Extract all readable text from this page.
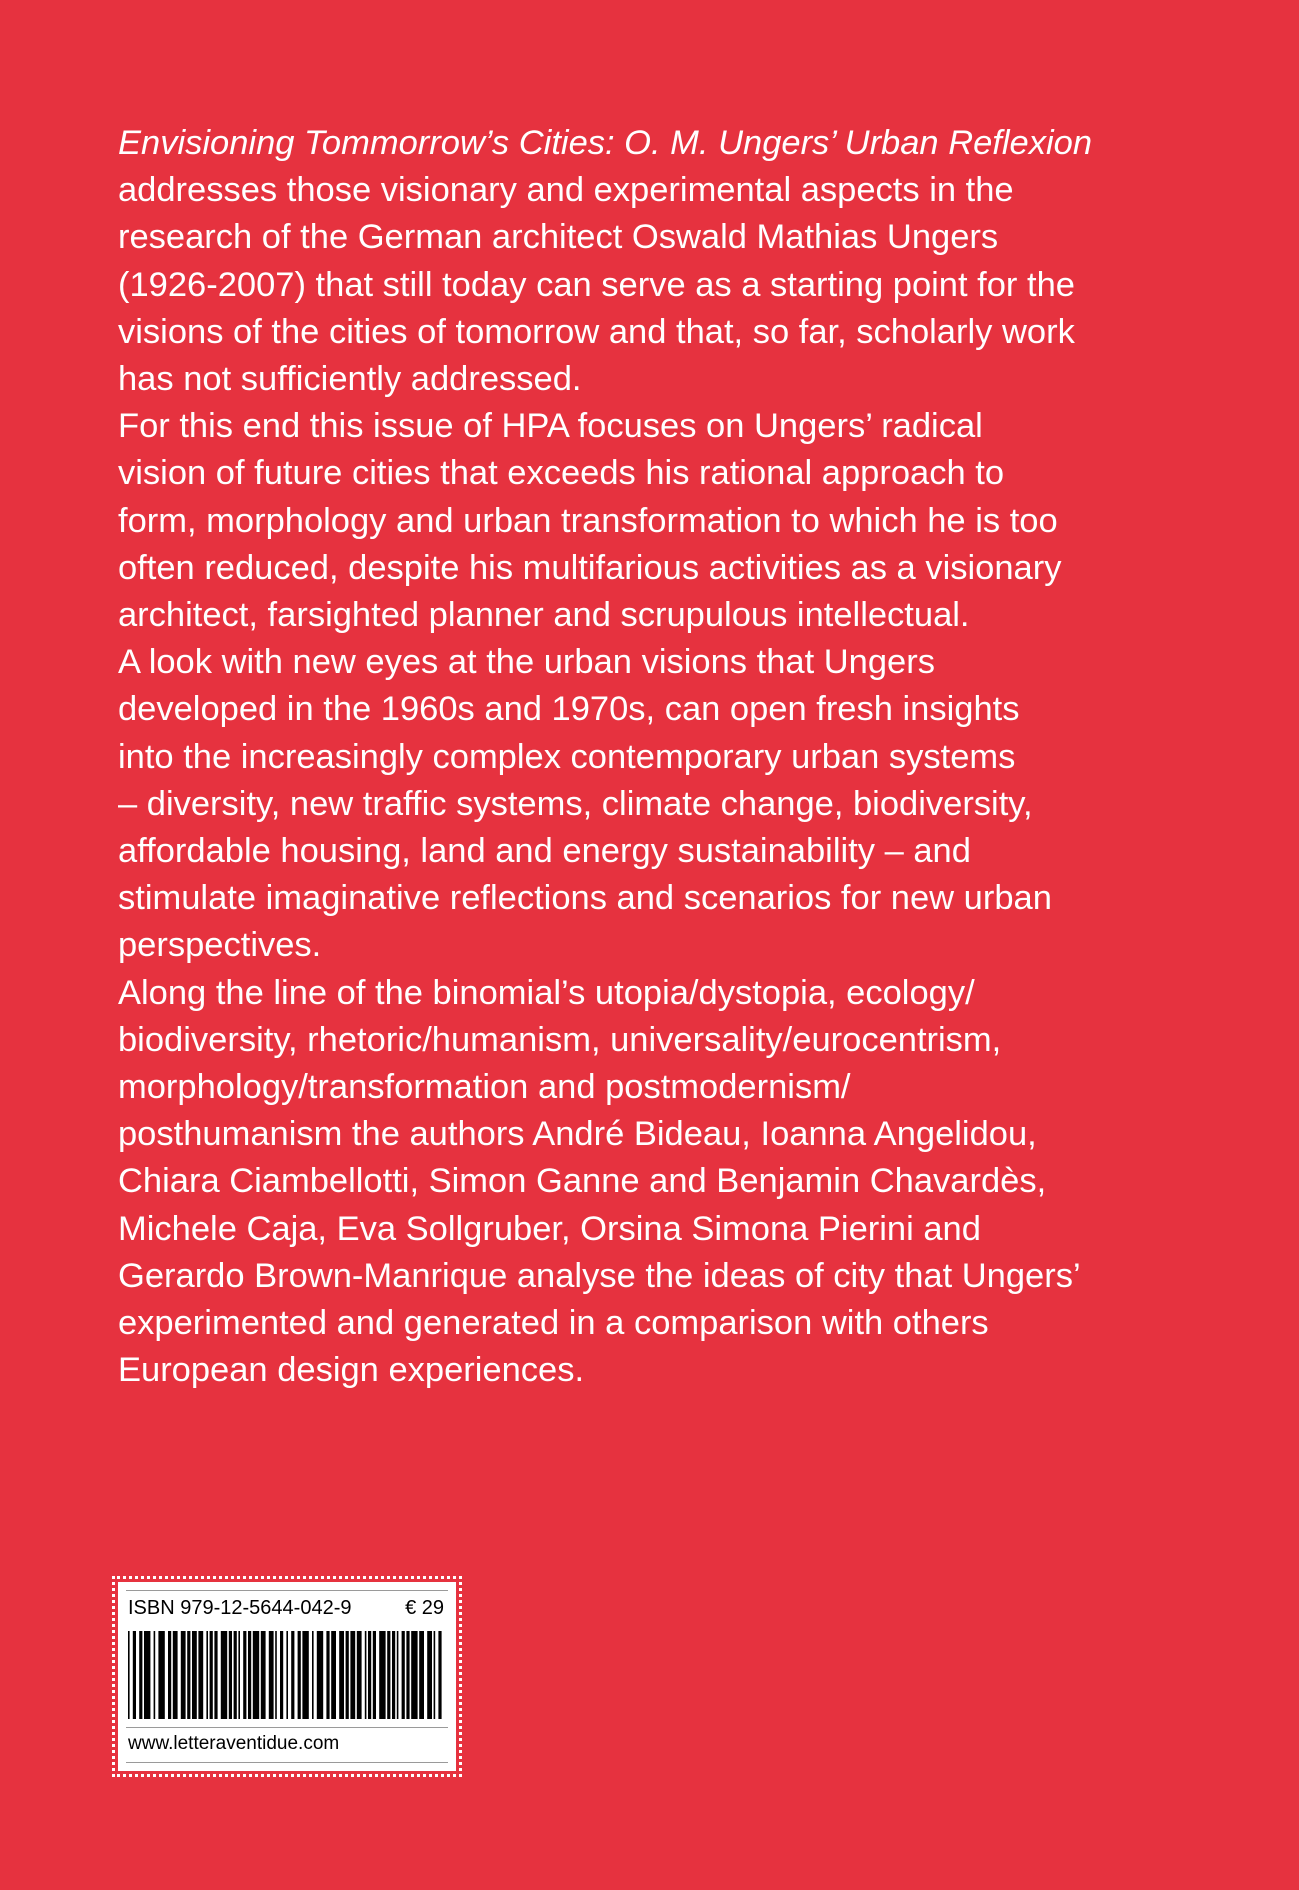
Envisioning Tommorrow’s Cities: O. M. Ungers’ Urban Reflexion
addresses those visionary and experimental aspects in the
research of the German architect Oswald Mathias Ungers
(1926-2007) that still today can serve as a starting point for the
visions of the cities of tomorrow and that, so far, scholarly work
has not sufficiently addressed.

For this end this issue of HPA focuses on Ungers’ radical
vision of future cities that exceeds his rational approach to
form, morphology and urban transformation to which he is too
often reduced, despite his multifarious activities as a visionary
architect, farsighted planner and scrupulous intellectual.

A look with new eyes at the urban visions that Ungers
developed in the 1960s and 1970s, can open fresh insights
into the increasingly complex contemporary urban systems
– diversity, new traffic systems, climate change, biodiversity,
affordable housing, land and energy sustainability – and
stimulate imaginative reflections and scenarios for new urban
perspectives.

Along the line of the binomial’s utopia/dystopia, ecology/
biodiversity, rhetoric/humanism, universality/eurocentrism,
morphology/transformation and postmodernism/
posthumanism the authors André Bideau, Ioanna Angelidou,
Chiara Ciambellotti, Simon Ganne and Benjamin Chavardès,
Michele Caja, Eva Sollgruber, Orsina Simona Pierini and
Gerardo Brown-Manrique analyse the ideas of city that Ungers’
experimented and generated in a comparison with others
European design experiences.

ISBN 979-12-5644-042-9	€ 29
www.letteraventidue.com
